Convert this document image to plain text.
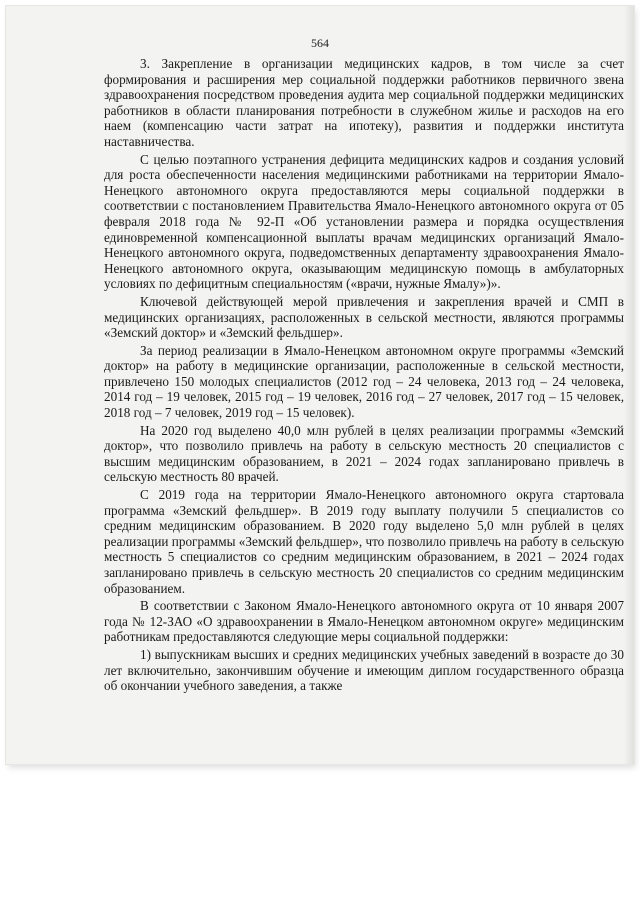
564

3. Закрепление в организации медицинских кадров, в том числе за счет формирования и расширения мер социальной поддержки работников первичного звена здравоохранения посредством проведения аудита мер социальной поддержки медицинских работников в области планирования потребности в служебном жилье и расходов на его наем (компенсацию части затрат на ипотеку), развития и поддержки института наставничества.

С целью поэтапного устранения дефицита медицинских кадров и создания условий для роста обеспеченности населения медицинскими работниками на территории Ямало-Ненецкого автономного округа предоставляются меры социальной поддержки в соответствии с постановлением Правительства Ямало-Ненецкого автономного округа от 05 февраля 2018 года № 92-П «Об установлении размера и порядка осуществления единовременной компенсационной выплаты врачам медицинских организаций Ямало-Ненецкого автономного округа, подведомственных департаменту здравоохранения Ямало-Ненецкого автономного округа, оказывающим медицинскую помощь в амбулаторных условиях по дефицитным специальностям («врачи, нужные Ямалу»)».

Ключевой действующей мерой привлечения и закрепления врачей и СМП в медицинских организациях, расположенных в сельской местности, являются программы «Земский доктор» и «Земский фельдшер».

За период реализации в Ямало-Ненецком автономном округе программы «Земский доктор» на работу в медицинские организации, расположенные в сельской местности, привлечено 150 молодых специалистов (2012 год – 24 человека, 2013 год – 24 человека, 2014 год – 19 человек, 2015 год – 19 человек, 2016 год – 27 человек, 2017 год – 15 человек, 2018 год – 7 человек, 2019 год – 15 человек).

На 2020 год выделено 40,0 млн рублей в целях реализации программы «Земский доктор», что позволило привлечь на работу в сельскую местность 20 специалистов с высшим медицинским образованием, в 2021 – 2024 годах запланировано привлечь в сельскую местность 80 врачей.

С 2019 года на территории Ямало-Ненецкого автономного округа стартовала программа «Земский фельдшер». В 2019 году выплату получили 5 специалистов со средним медицинским образованием. В 2020 году выделено 5,0 млн рублей в целях реализации программы «Земский фельдшер», что позволило привлечь на работу в сельскую местность 5 специалистов со средним медицинским образованием, в 2021 – 2024 годах запланировано привлечь в сельскую местность 20 специалистов со средним медицинским образованием.

В соответствии с Законом Ямало-Ненецкого автономного округа от 10 января 2007 года № 12-ЗАО «О здравоохранении в Ямало-Ненецком автономном округе» медицинским работникам предоставляются следующие меры социальной поддержки:

1) выпускникам высших и средних медицинских учебных заведений в возрасте до 30 лет включительно, закончившим обучение и имеющим диплом государственного образца об окончании учебного заведения, а также
